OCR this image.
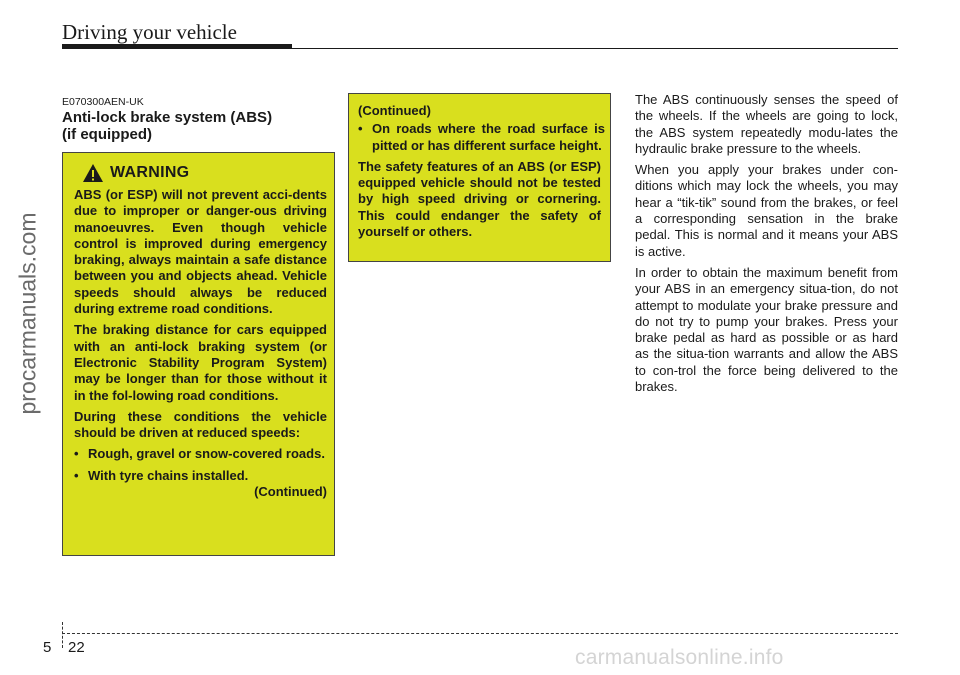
Driving your vehicle
procarmanuals.com
E070300AEN-UK
Anti-lock brake system (ABS)
(if equipped)
WARNING

ABS (or ESP) will not prevent acci-dents due to improper or danger-ous driving manoeuvres. Even though vehicle control is improved during emergency braking, always maintain a safe distance between you and objects ahead. Vehicle speeds should always be reduced during extreme road conditions.

The braking distance for cars equipped with an anti-lock braking system (or Electronic Stability Program System) may be longer than for those without it in the fol-lowing road conditions.

During these conditions the vehicle should be driven at reduced speeds:

• Rough, gravel or snow-covered roads.

• With tyre chains installed.

(Continued)
(Continued)

• On roads where the road surface is pitted or has different surface height.

The safety features of an ABS (or ESP) equipped vehicle should not be tested by high speed driving or cornering. This could endanger the safety of yourself or others.

The ABS continuously senses the speed of the wheels. If the wheels are going to lock, the ABS system repeatedly modu-lates the hydraulic brake pressure to the wheels.

When you apply your brakes under con-ditions which may lock the wheels, you may hear a “tik-tik” sound from the brakes, or feel a corresponding sensation in the brake pedal. This is normal and it means your ABS is active.

In order to obtain the maximum benefit from your ABS in an emergency situa-tion, do not attempt to modulate your brake pressure and do not try to pump your brakes. Press your brake pedal as hard as possible or as hard as the situa-tion warrants and allow the ABS to con-trol the force being delivered to the brakes.

5 22	carmanualsonline.info
